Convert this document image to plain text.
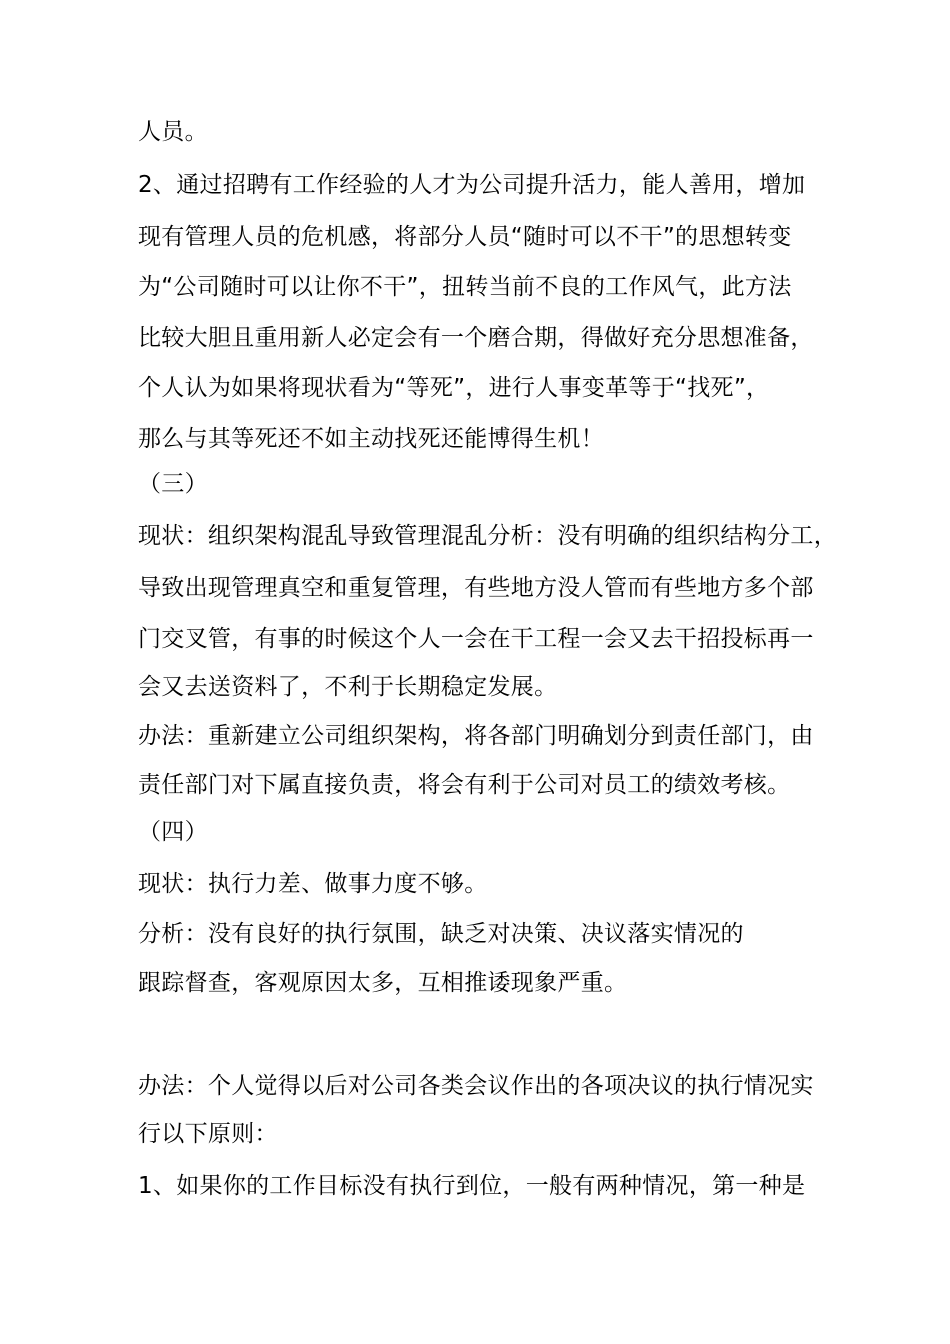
人员。
2、通过招聘有工作经验的人才为公司提升活力，能人善用，增加
现有管理人员的危机感，将部分人员“随时可以不干”的思想转变
为“公司随时可以让你不干”，扭转当前不良的工作风气，此方法
比较大胆且重用新人必定会有一个磨合期，得做好充分思想准备，
个人认为如果将现状看为“等死”，进行人事变革等于“找死”，
那么与其等死还不如主动找死还能博得生机！
（三）
现状：组织架构混乱导致管理混乱分析：没有明确的组织结构分工，
导致出现管理真空和重复管理，有些地方没人管而有些地方多个部
门交叉管，有事的时候这个人一会在干工程一会又去干招投标再一
会又去送资料了，不利于长期稳定发展。
办法：重新建立公司组织架构，将各部门明确划分到责任部门，由
责任部门对下属直接负责，将会有利于公司对员工的绩效考核。
（四）
现状：执行力差、做事力度不够。
分析：没有良好的执行氛围，缺乏对决策、决议落实情况的
跟踪督查，客观原因太多，互相推诿现象严重。
办法：个人觉得以后对公司各类会议作出的各项决议的执行情况实
行以下原则：
1、如果你的工作目标没有执行到位，一般有两种情况，第一种是
